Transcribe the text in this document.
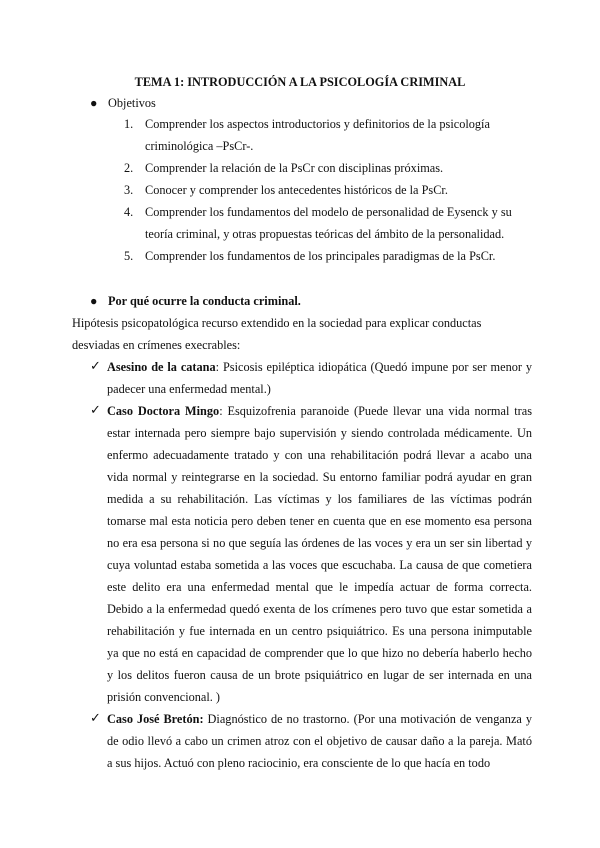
TEMA 1: INTRODUCCIÓN A LA PSICOLOGÍA CRIMINAL
● Objetivos
1. Comprender los aspectos introductorios y definitorios de la psicología criminológica –PsCr-.
2. Comprender la relación de la PsCr con disciplinas próximas.
3. Conocer y comprender los antecedentes históricos de la PsCr.
4. Comprender los fundamentos del modelo de personalidad de Eysenck y su teoría criminal, y otras propuestas teóricas del ámbito de la personalidad.
5. Comprender los fundamentos de los principales paradigmas de la PsCr.
● Por qué ocurre la conducta criminal.
Hipótesis psicopatológica recurso extendido en la sociedad para explicar conductas desviadas en crímenes execrables:
✓ Asesino de la catana: Psicosis epiléptica idiopática (Quedó impune por ser menor y padecer una enfermedad mental.)
✓ Caso Doctora Mingo: Esquizofrenia paranoide (Puede llevar una vida normal tras estar internada pero siempre bajo supervisión y siendo controlada médicamente. Un enfermo adecuadamente tratado y con una rehabilitación podrá llevar a acabo una vida normal y reintegrarse en la sociedad. Su entorno familiar podrá ayudar en gran medida a su rehabilitación. Las víctimas y los familiares de las víctimas podrán tomarse mal esta noticia pero deben tener en cuenta que en ese momento esa persona no era esa persona si no que seguía las órdenes de las voces y era un ser sin libertad y cuya voluntad estaba sometida a las voces que escuchaba. La causa de que cometiera este delito era una enfermedad mental que le impedía actuar de forma correcta. Debido a la enfermedad quedó exenta de los crímenes pero tuvo que estar sometida a rehabilitación y fue internada en un centro psiquiátrico. Es una persona inimputable ya que no está en capacidad de comprender que lo que hizo no debería haberlo hecho y los delitos fueron causa de un brote psiquiátrico en lugar de ser internada en una prisión convencional. )
✓ Caso José Bretón: Diagnóstico de no trastorno. (Por una motivación de venganza y de odio llevó a cabo un crimen atroz con el objetivo de causar daño a la pareja. Mató a sus hijos. Actuó con pleno raciocinio, era consciente de lo que hacía en todo
